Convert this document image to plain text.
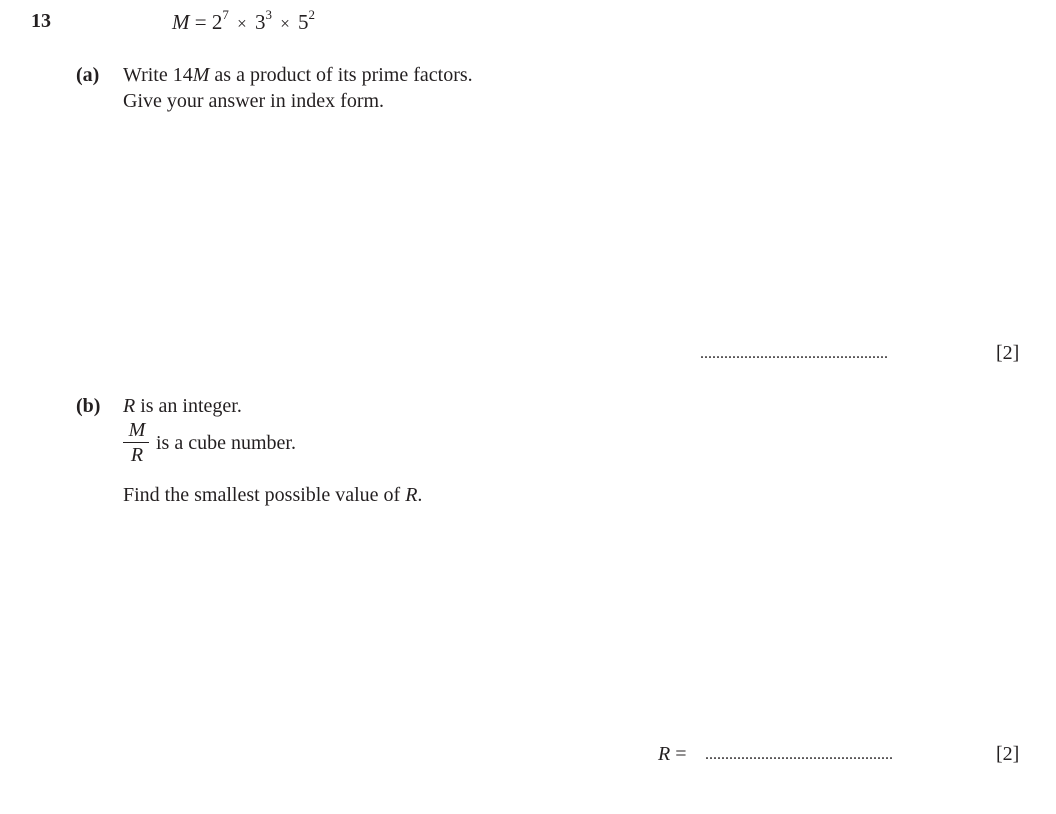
13	$M = 2^7 \times 3^3 \times 5^2$
(a) Write 14M as a product of its prime factors.
Give your answer in index form.
...............................................	[2]
(b) R is an integer.
M
R
is a cube number.
Find the smallest possible value of R.
R = ...............................................	[2]
